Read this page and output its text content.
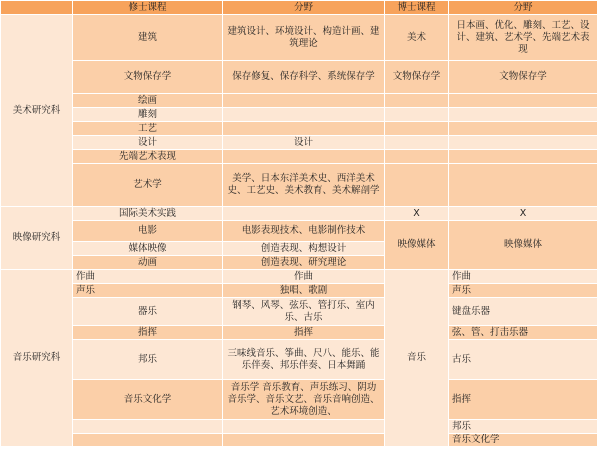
	修士课程	分野	博士课程	分野
美术研究科	建筑	建筑设计、环境设计、构造计画、建筑理论	美术	日本画、优化、雕刻、工艺、设计、建筑、艺术学、先端艺术表现
	文物保存学	保存修复、保存科学、系统保存学	文物保存学	文物保存学
	绘画			
	雕刻			
	工艺			
	设计	设计		
	先端艺术表现			
	艺术学	美学、日本东洋美术史、西洋美术史、工艺史、美术教育、美术解剖学		
映像研究科	国际美术实践		X	X
	电影	电影表现技术、电影制作技术	映像媒体	映像媒体
	媒体映像	创造表现、构想设计		
	动画	创造表现、研究理论		
音乐研究科	作曲	作曲	音乐	作曲
	声乐	独唱、歌剧		声乐
	器乐	钢琴、风琴、弦乐、管打乐、室内乐、古乐		键盘乐器
	指挥	指挥		弦、管、打击乐器
	邦乐	三味线音乐、筝曲、尺八、能乐、能乐伴奏、邦乐伴奏、日本舞踊		古乐
	音乐文化学	音乐学 音乐教育、声乐练习、阴功音乐学、音乐文艺、音乐音响创造、艺术环境创造、		指挥
				邦乐
				音乐文化学
